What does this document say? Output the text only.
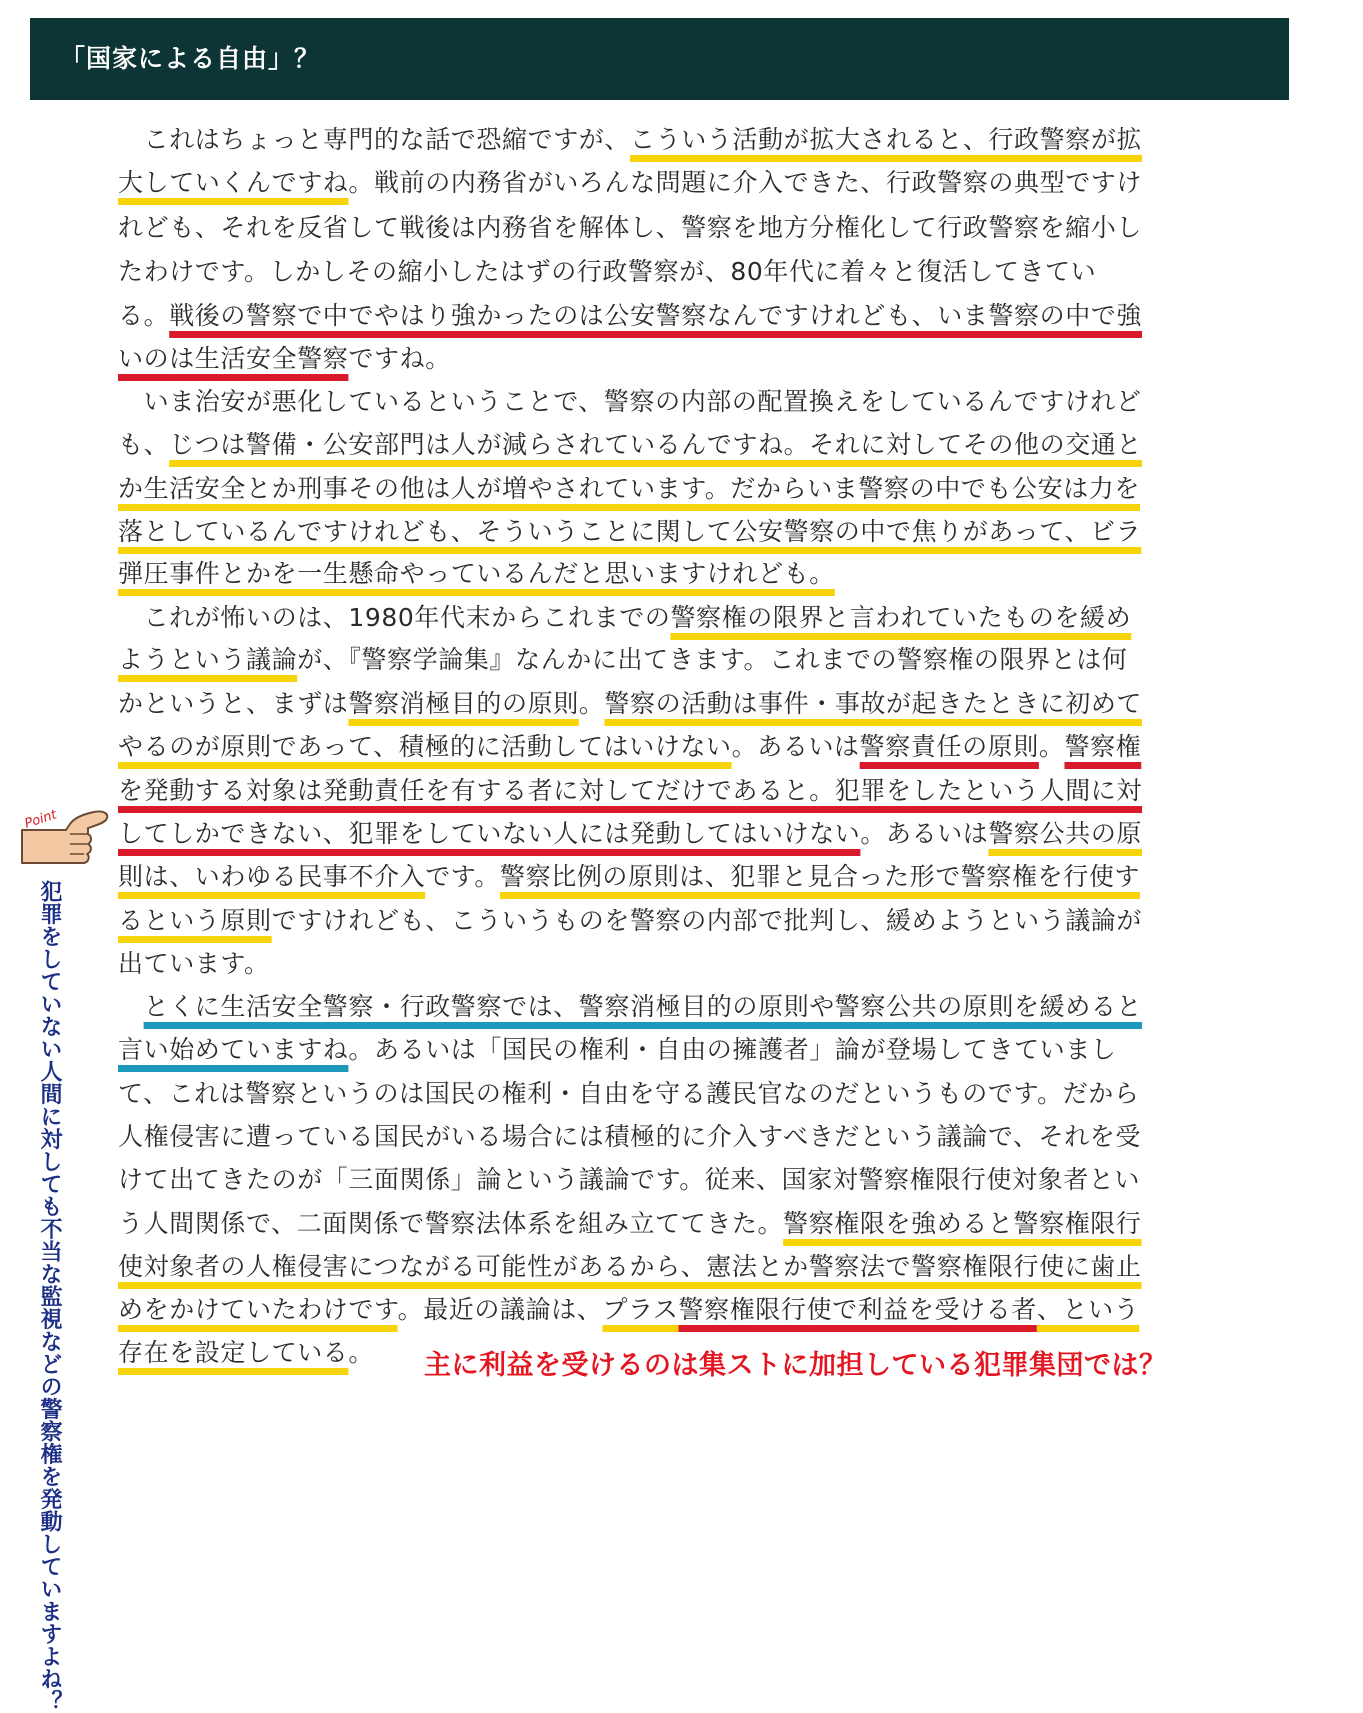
「国家による自由」？
　これはちょっと専門的な話で恐縮ですが、こういう活動が拡大されると、行政警察が拡
大していくんですね。戦前の内務省がいろんな問題に介入できた、行政警察の典型ですけ
れども、それを反省して戦後は内務省を解体し、警察を地方分権化して行政警察を縮小し
たわけです。しかしその縮小したはずの行政警察が、80年代に着々と復活してきてい
る。戦後の警察で中でやはり強かったのは公安警察なんですけれども、いま警察の中で強
いのは生活安全警察ですね。
　いま治安が悪化しているということで、警察の内部の配置換えをしているんですけれど
も、じつは警備・公安部門は人が減らされているんですね。それに対してその他の交通と
か生活安全とか刑事その他は人が増やされています。だからいま警察の中でも公安は力を
落としているんですけれども、そういうことに関して公安警察の中で焦りがあって、ビラ
弾圧事件とかを一生懸命やっているんだと思いますけれども。
　これが怖いのは、1980年代末からこれまでの警察権の限界と言われていたものを緩め
ようという議論が、『警察学論集』なんかに出てきます。これまでの警察権の限界とは何
かというと、まずは警察消極目的の原則。警察の活動は事件・事故が起きたときに初めて
やるのが原則であって、積極的に活動してはいけない。あるいは警察責任の原則。警察権
を発動する対象は発動責任を有する者に対してだけであると。犯罪をしたという人間に対
してしかできない、犯罪をしていない人には発動してはいけない。あるいは警察公共の原
則は、いわゆる民事不介入です。警察比例の原則は、犯罪と見合った形で警察権を行使す
るという原則ですけれども、こういうものを警察の内部で批判し、緩めようという議論が
出ています。
　とくに生活安全警察・行政警察では、警察消極目的の原則や警察公共の原則を緩めると
言い始めていますね。あるいは「国民の権利・自由の擁護者」論が登場してきていまし
て、これは警察というのは国民の権利・自由を守る護民官なのだというものです。だから
人権侵害に遭っている国民がいる場合には積極的に介入すべきだという議論で、それを受
けて出てきたのが「三面関係」論という議論です。従来、国家対警察権限行使対象者とい
う人間関係で、二面関係で警察法体系を組み立ててきた。警察権限を強めると警察権限行
使対象者の人権侵害につながる可能性があるから、憲法とか警察法で警察権限行使に歯止
めをかけていたわけです。最近の議論は、プラス警察権限行使で利益を受ける者、という
存在を設定している。
Point
犯罪をしていない人間に対しても不当な監視などの警察権を発動していますよね？	主に利益を受けるのは集ストに加担している犯罪集団では？
